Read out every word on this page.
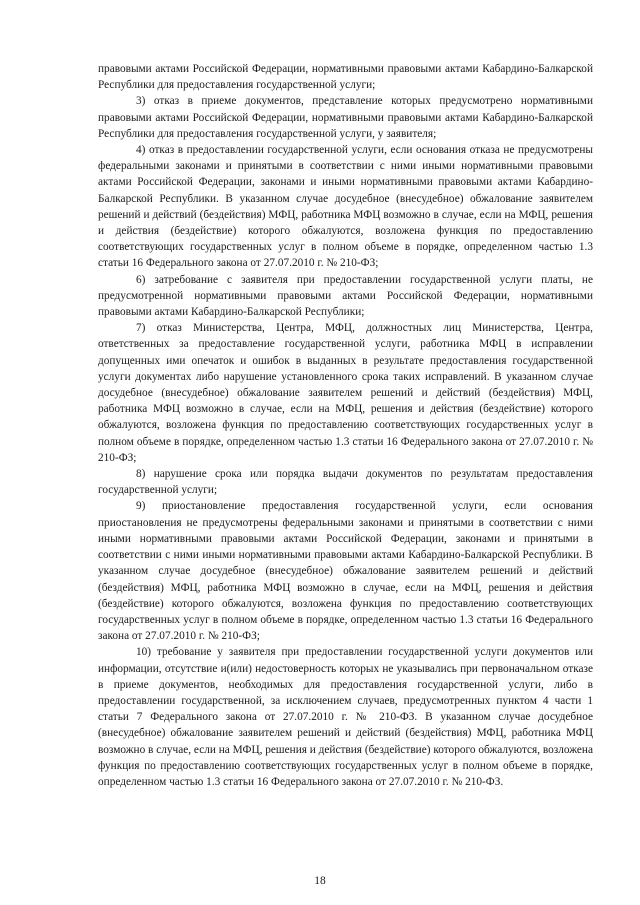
правовыми актами Российской Федерации, нормативными правовыми актами Кабардино-Балкарской Республики для предоставления государственной услуги;

3) отказ в приеме документов, представление которых предусмотрено нормативными правовыми актами Российской Федерации, нормативными правовыми актами Кабардино-Балкарской Республики для предоставления государственной услуги, у заявителя;

4) отказ в предоставлении государственной услуги, если основания отказа не предусмотрены федеральными законами и принятыми в соответствии с ними иными нормативными правовыми актами Российской Федерации, законами и иными нормативными правовыми актами Кабардино-Балкарской Республики. В указанном случае досудебное (внесудебное) обжалование заявителем решений и действий (бездействия) МФЦ, работника МФЦ возможно в случае, если на МФЦ, решения и действия (бездействие) которого обжалуются, возложена функция по предоставлению соответствующих государственных услуг в полном объеме в порядке, определенном частью 1.3 статьи 16 Федерального закона от 27.07.2010 г. № 210-ФЗ;

6) затребование с заявителя при предоставлении государственной услуги платы, не предусмотренной нормативными правовыми актами Российской Федерации, нормативными правовыми актами Кабардино-Балкарской Республики;

7) отказ Министерства, Центра, МФЦ, должностных лиц Министерства, Центра, ответственных за предоставление государственной услуги, работника МФЦ в исправлении допущенных ими опечаток и ошибок в выданных в результате предоставления государственной услуги документах либо нарушение установленного срока таких исправлений. В указанном случае досудебное (внесудебное) обжалование заявителем решений и действий (бездействия) МФЦ, работника МФЦ возможно в случае, если на МФЦ, решения и действия (бездействие) которого обжалуются, возложена функция по предоставлению соответствующих государственных услуг в полном объеме в порядке, определенном частью 1.3 статьи 16 Федерального закона от 27.07.2010 г. № 210-ФЗ;

8) нарушение срока или порядка выдачи документов по результатам предоставления государственной услуги;

9) приостановление предоставления государственной услуги, если основания приостановления не предусмотрены федеральными законами и принятыми в соответствии с ними иными нормативными правовыми актами Российской Федерации, законами и принятыми в соответствии с ними иными нормативными правовыми актами Кабардино-Балкарской Республики. В указанном случае досудебное (внесудебное) обжалование заявителем решений и действий (бездействия) МФЦ, работника МФЦ возможно в случае, если на МФЦ, решения и действия (бездействие) которого обжалуются, возложена функция по предоставлению соответствующих государственных услуг в полном объеме в порядке, определенном частью 1.3 статьи 16 Федерального закона от 27.07.2010 г. № 210-ФЗ;

10) требование у заявителя при предоставлении государственной услуги документов или информации, отсутствие и(или) недостоверность которых не указывались при первоначальном отказе в приеме документов, необходимых для предоставления государственной услуги, либо в предоставлении государственной, за исключением случаев, предусмотренных пунктом 4 части 1 статьи 7 Федерального закона от 27.07.2010 г. № 210-ФЗ. В указанном случае досудебное (внесудебное) обжалование заявителем решений и действий (бездействия) МФЦ, работника МФЦ возможно в случае, если на МФЦ, решения и действия (бездействие) которого обжалуются, возложена функция по предоставлению соответствующих государственных услуг в полном объеме в порядке, определенном частью 1.3 статьи 16 Федерального закона от 27.07.2010 г. № 210-ФЗ.

18
